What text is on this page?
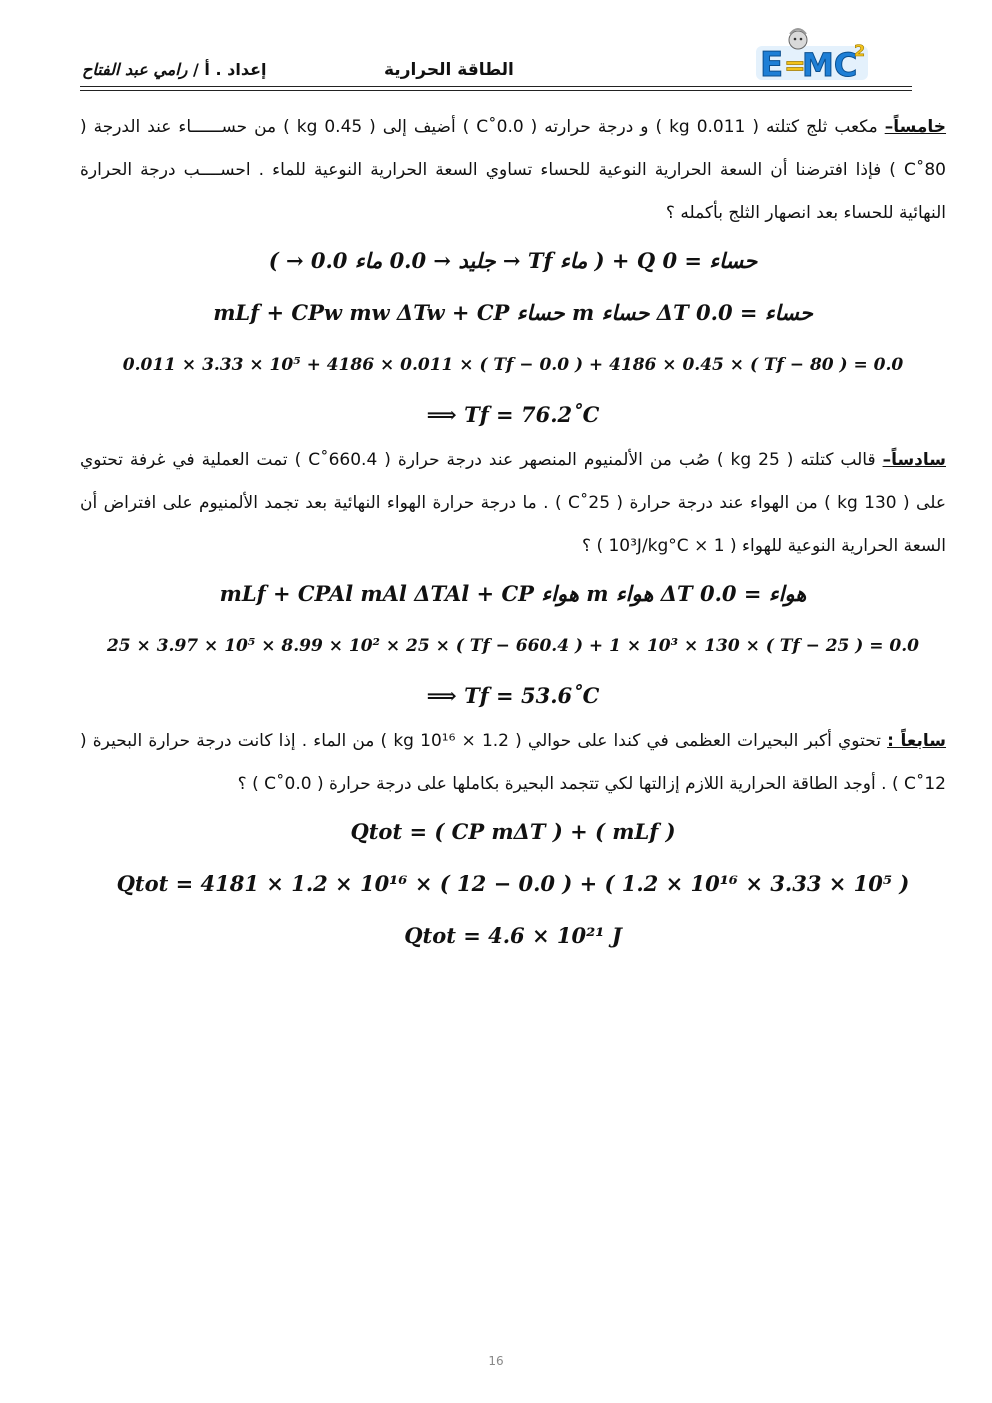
E =
MC
2
الطاقة الحرارية
إعداد . أ / رامي عبد الفتاح
خامساً– مكعب ثلج كتلته ( 0.011 kg ) و درجة حرارته ( 0.0˚C ) أضيف إلى ( 0.45 kg ) من حســــــاء عند الدرجة ( 80˚C ) فإذا افترضنا أن السعة الحرارية النوعية للحساء تساوي السعة الحرارية النوعية للماء . احســــب درجة الحرارة النهائية للحساء بعد انصهار الثلج بأكمله ؟
( → 0.0 جليد → 0.0 ماء → Tf ماء ) + Q حساء = 0
mLf + CPw mw ΔTw + CP حساء m حساء ΔT حساء = 0.0
0.011 × 3.33 × 10⁵ + 4186 × 0.011 × ( Tf − 0.0 ) + 4186 × 0.45 × ( Tf − 80 ) = 0.0
⟹ Tf = 76.2˚C
سادساً– قالب كتلته ( 25 kg ) صُب من الألمنيوم المنصهر عند درجة حرارة ( 660.4˚C ) تمت العملية في غرفة تحتوي على ( 130 kg ) من الهواء عند درجة حرارة ( 25˚C ) . ما درجة حرارة الهواء النهائية بعد تجمد الألمنيوم على افتراض أن السعة الحرارية النوعية للهواء ( 1 × 10³J/kg°C ) ؟
mLf + CPAl mAl ΔTAl + CP هواء m هواء ΔT هواء = 0.0
25 × 3.97 × 10⁵ × 8.99 × 10² × 25 × ( Tf − 660.4 ) + 1 × 10³ × 130 × ( Tf − 25 ) = 0.0
⟹ Tf = 53.6˚C
سابعاً : تحتوي أكبر البحيرات العظمى في كندا على حوالي ( 1.2 × 10¹⁶ kg ) من الماء . إذا كانت درجة حرارة البحيرة ( 12˚C ) . أوجد الطاقة الحرارية اللازم إزالتها لكي تتجمد البحيرة بكاملها على درجة حرارة ( 0.0˚C ) ؟
Qtot = ( CP mΔT ) + ( mLf )
Qtot = 4181 × 1.2 × 10¹⁶ × ( 12 − 0.0 ) + ( 1.2 × 10¹⁶ × 3.33 × 10⁵ )
Qtot = 4.6 × 10²¹ J
16
